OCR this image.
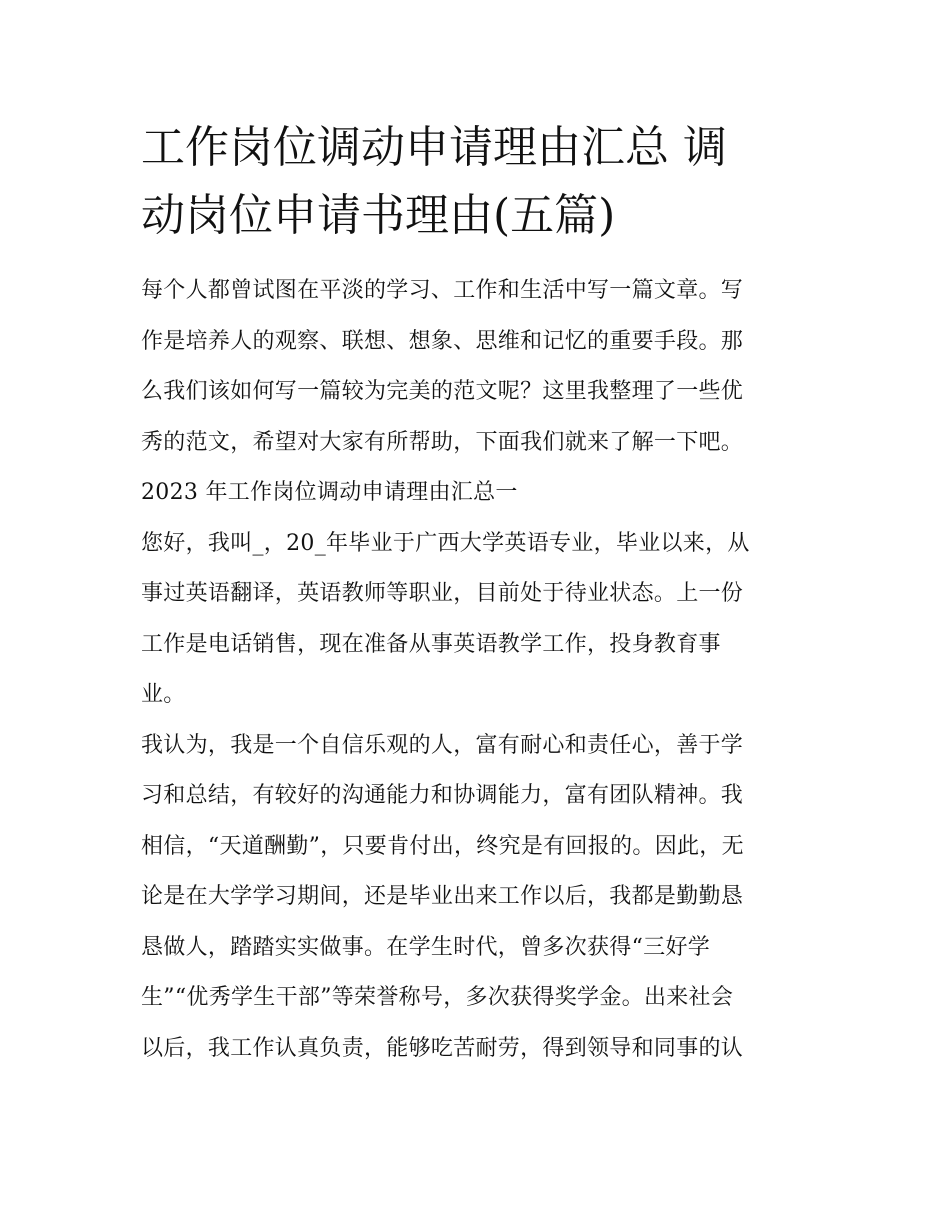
工作岗位调动申请理由汇总 调
动岗位申请书理由(五篇)
每个人都曾试图在平淡的学习、工作和生活中写一篇文章。写
作是培养人的观察、联想、想象、思维和记忆的重要手段。那
么我们该如何写一篇较为完美的范文呢？这里我整理了一些优
秀的范文，希望对大家有所帮助，下面我们就来了解一下吧。
2023 年工作岗位调动申请理由汇总一
您好，我叫_，20_年毕业于广西大学英语专业，毕业以来，从
事过英语翻译，英语教师等职业，目前处于待业状态。上一份
工作是电话销售，现在准备从事英语教学工作，投身教育事
业。
我认为，我是一个自信乐观的人，富有耐心和责任心，善于学
习和总结，有较好的沟通能力和协调能力，富有团队精神。我
相信，“天道酬勤”，只要肯付出，终究是有回报的。因此，无
论是在大学学习期间，还是毕业出来工作以后，我都是勤勤恳
恳做人，踏踏实实做事。在学生时代，曾多次获得“三好学
生”“优秀学生干部”等荣誉称号，多次获得奖学金。出来社会
以后，我工作认真负责，能够吃苦耐劳，得到领导和同事的认
